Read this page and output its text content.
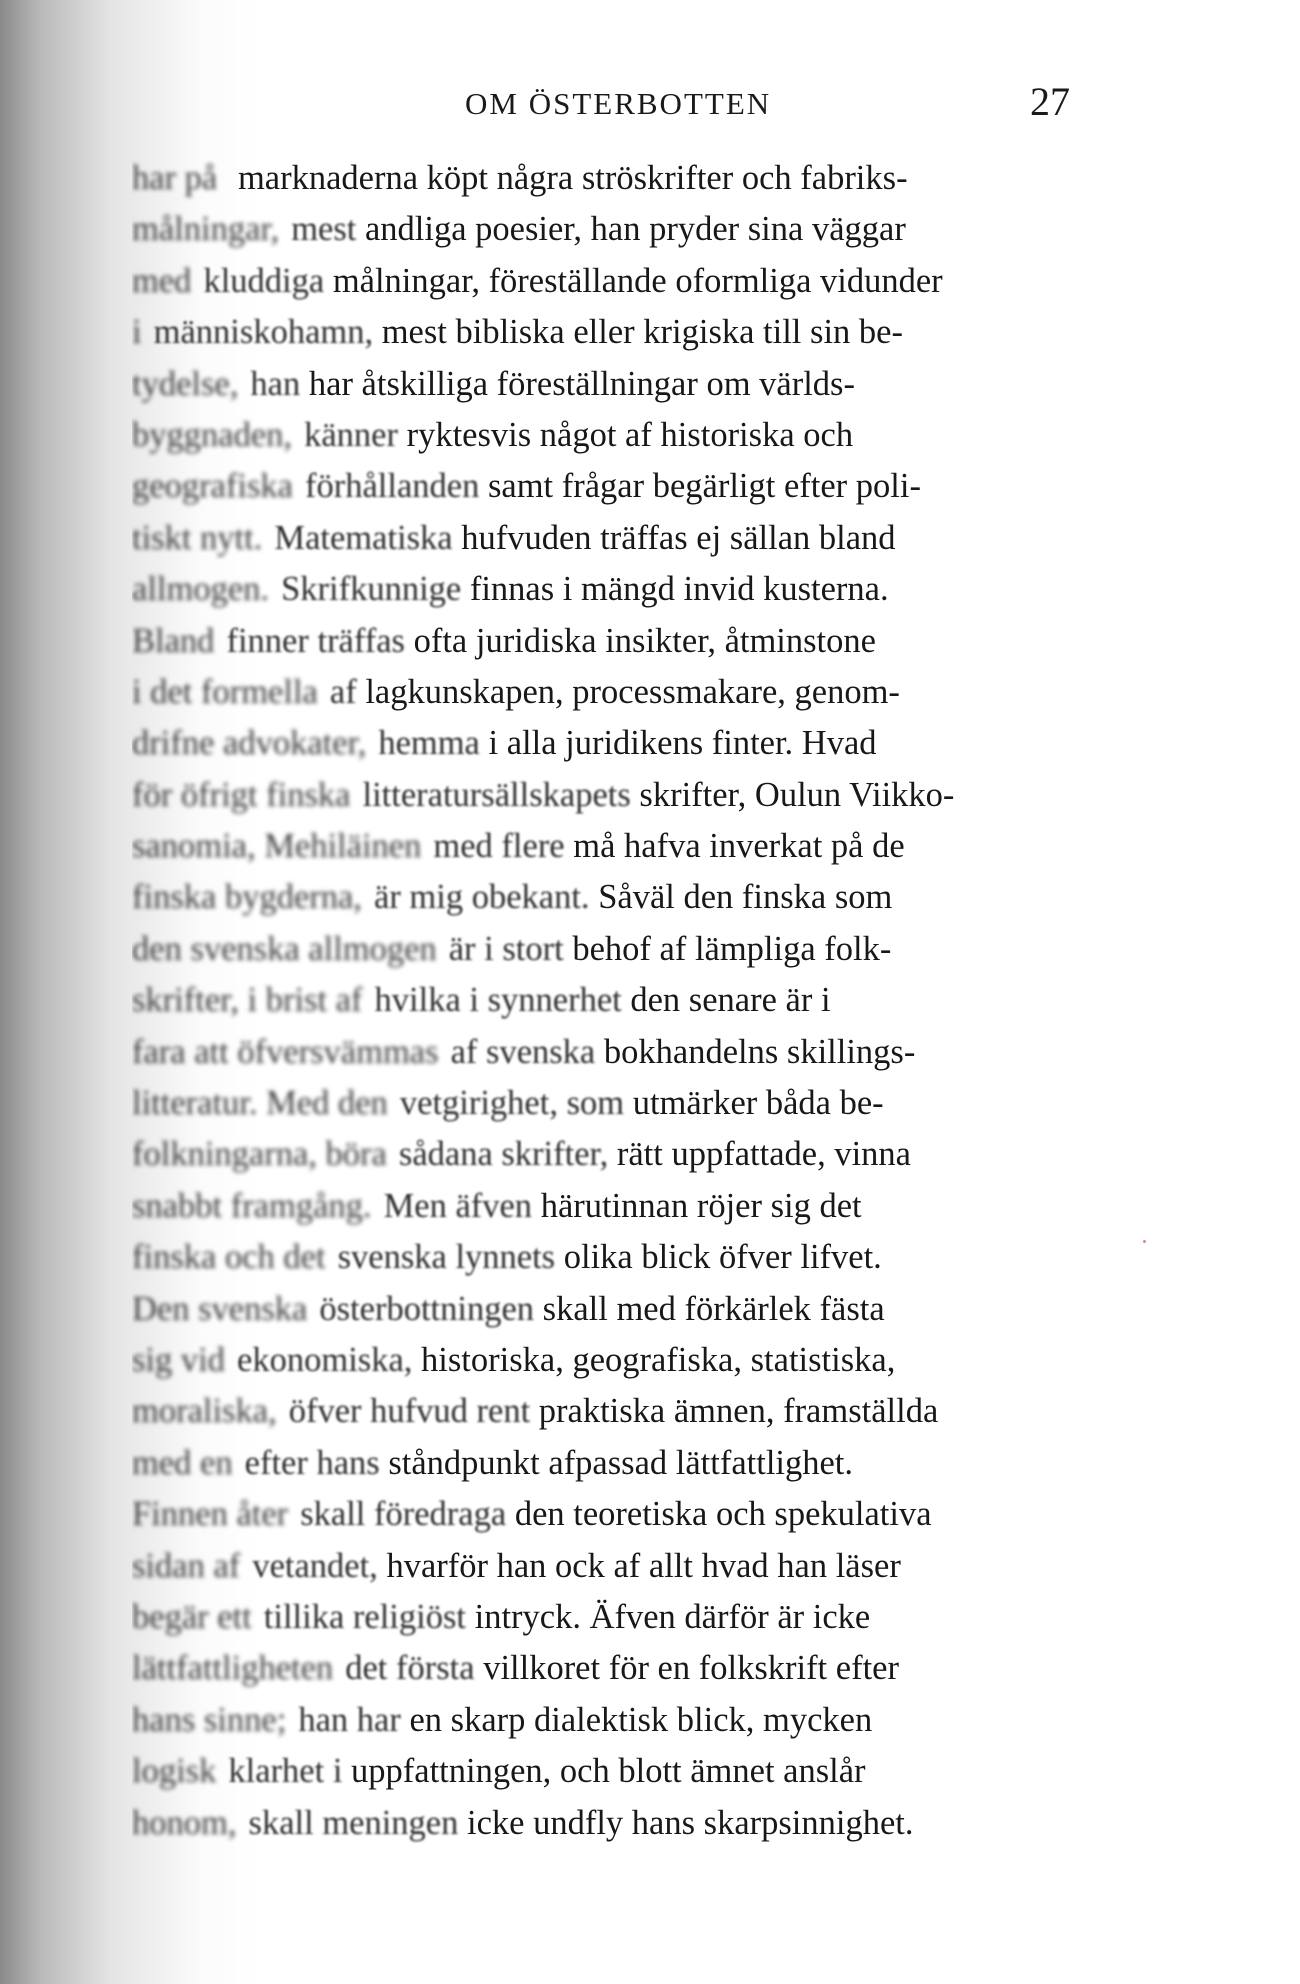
OM ÖSTERBOTTEN	27
har på marknaderna köpt några ströskrifter och fabriks-
målningar, mest andliga poesier, han pryder sina väggar
med kluddiga målningar, föreställande oformliga vidunder
i människohamn, mest bibliska eller krigiska till sin be-
tydelse, han har åtskilliga föreställningar om världs-
byggnaden, känner ryktesvis något af historiska och
geografiska förhållanden samt frågar begärligt efter poli-
tiskt nytt. Matematiska hufvuden träffas ej sällan bland
allmogen. Skrifkunnige finnas i mängd invid kusterna.
Bland finner träffas ofta juridiska insikter, åtminstone
i det formella af lagkunskapen, processmakare, genom-
drifne advokater, hemma i alla juridikens finter. Hvad
för öfrigt finska litteratursällskapets skrifter, Oulun Viikko-
sanomia, Mehiläinen med flere må hafva inverkat på de
finska bygderna, är mig obekant. Såväl den finska som
den svenska allmogen är i stort behof af lämpliga folk-
skrifter, i brist af hvilka i synnerhet den senare är i
fara att öfversvämmas af svenska bokhandelns skillings-
litteratur. Med den vetgirighet, som utmärker båda be-
folkningarna, böra sådana skrifter, rätt uppfattade, vinna
snabbt framgång. Men äfven härutinnan röjer sig det
finska och det svenska lynnets olika blick öfver lifvet.
Den svenska österbottningen skall med förkärlek fästa
sig vid ekonomiska, historiska, geografiska, statistiska,
moraliska, öfver hufvud rent praktiska ämnen, framställda
med en efter hans ståndpunkt afpassad lättfattlighet.
Finnen åter skall föredraga den teoretiska och spekulativa
sidan af vetandet, hvarför han ock af allt hvad han läser
begär ett tillika religiöst intryck. Äfven därför är icke
lättfattligheten det första villkoret för en folkskrift efter
hans sinne; han har en skarp dialektisk blick, mycken
logisk klarhet i uppfattningen, och blott ämnet anslår
honom, skall meningen icke undfly hans skarpsinnighet.
